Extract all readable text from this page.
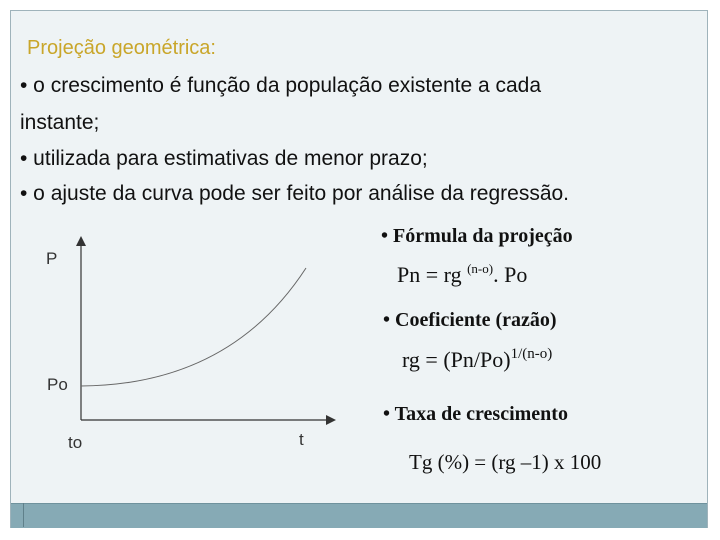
Projeção geométrica:
• o crescimento é função da população existente a cada
instante;
• utilizada para estimativas de menor prazo;
• o ajuste da curva pode ser feito por análise da regressão.
P
Po
to	t
• Fórmula da projeção
Pn = rg $^{(n-o)}$. Po
• Coeficiente (razão)
rg = $(Pn/Po)^{1/(n-o)}$
• Taxa de crescimento
Tg (%) = (rg –1) x 100
